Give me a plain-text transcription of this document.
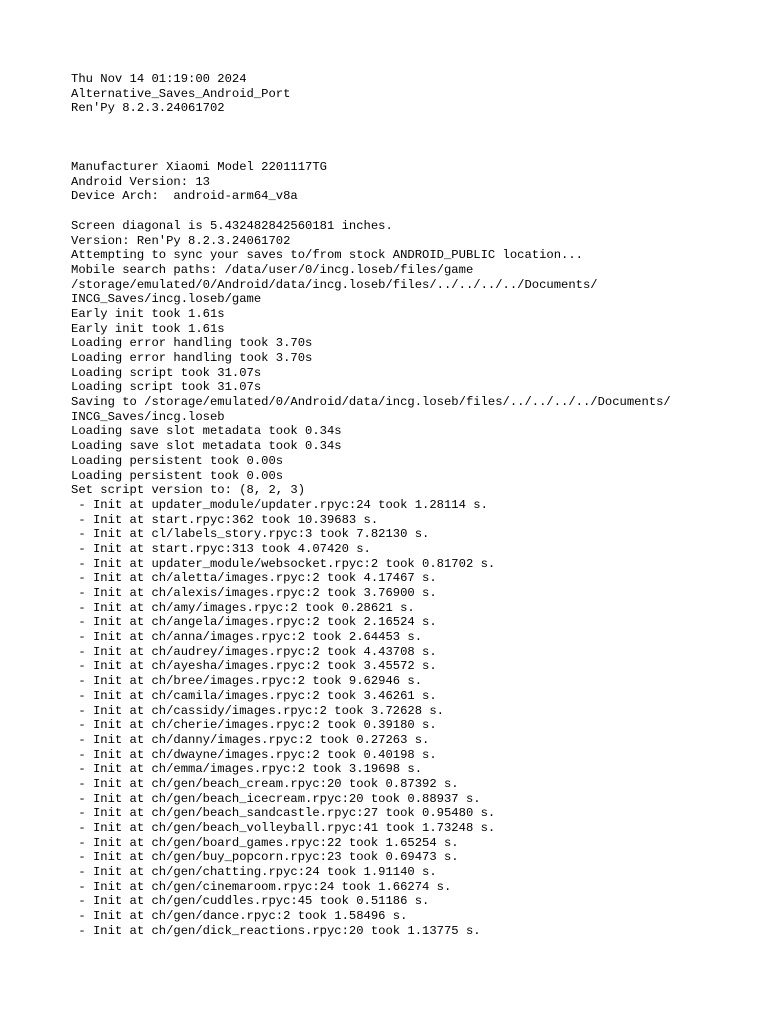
Thu Nov 14 01:19:00 2024
Alternative_Saves_Android_Port
Ren'Py 8.2.3.24061702
Manufacturer Xiaomi Model 2201117TG
Android Version: 13
Device Arch:  android-arm64_v8a
Screen diagonal is 5.432482842560181 inches.
Version: Ren'Py 8.2.3.24061702
Attempting to sync your saves to/from stock ANDROID_PUBLIC location...
Mobile search paths: /data/user/0/incg.loseb/files/game
/storage/emulated/0/Android/data/incg.loseb/files/../../../../Documents/
INCG_Saves/incg.loseb/game
Early init took 1.61s
Early init took 1.61s
Loading error handling took 3.70s
Loading error handling took 3.70s
Loading script took 31.07s
Loading script took 31.07s
Saving to /storage/emulated/0/Android/data/incg.loseb/files/../../../../Documents/
INCG_Saves/incg.loseb
Loading save slot metadata took 0.34s
Loading save slot metadata took 0.34s
Loading persistent took 0.00s
Loading persistent took 0.00s
Set script version to: (8, 2, 3)
- Init at updater_module/updater.rpyc:24 took 1.28114 s.
- Init at start.rpyc:362 took 10.39683 s.
- Init at cl/labels_story.rpyc:3 took 7.82130 s.
- Init at start.rpyc:313 took 4.07420 s.
- Init at updater_module/websocket.rpyc:2 took 0.81702 s.
- Init at ch/aletta/images.rpyc:2 took 4.17467 s.
- Init at ch/alexis/images.rpyc:2 took 3.76900 s.
- Init at ch/amy/images.rpyc:2 took 0.28621 s.
- Init at ch/angela/images.rpyc:2 took 2.16524 s.
- Init at ch/anna/images.rpyc:2 took 2.64453 s.
- Init at ch/audrey/images.rpyc:2 took 4.43708 s.
- Init at ch/ayesha/images.rpyc:2 took 3.45572 s.
- Init at ch/bree/images.rpyc:2 took 9.62946 s.
- Init at ch/camila/images.rpyc:2 took 3.46261 s.
- Init at ch/cassidy/images.rpyc:2 took 3.72628 s.
- Init at ch/cherie/images.rpyc:2 took 0.39180 s.
- Init at ch/danny/images.rpyc:2 took 0.27263 s.
- Init at ch/dwayne/images.rpyc:2 took 0.40198 s.
- Init at ch/emma/images.rpyc:2 took 3.19698 s.
- Init at ch/gen/beach_cream.rpyc:20 took 0.87392 s.
- Init at ch/gen/beach_icecream.rpyc:20 took 0.88937 s.
- Init at ch/gen/beach_sandcastle.rpyc:27 took 0.95480 s.
- Init at ch/gen/beach_volleyball.rpyc:41 took 1.73248 s.
- Init at ch/gen/board_games.rpyc:22 took 1.65254 s.
- Init at ch/gen/buy_popcorn.rpyc:23 took 0.69473 s.
- Init at ch/gen/chatting.rpyc:24 took 1.91140 s.
- Init at ch/gen/cinemaroom.rpyc:24 took 1.66274 s.
- Init at ch/gen/cuddles.rpyc:45 took 0.51186 s.
- Init at ch/gen/dance.rpyc:2 took 1.58496 s.
- Init at ch/gen/dick_reactions.rpyc:20 took 1.13775 s.
